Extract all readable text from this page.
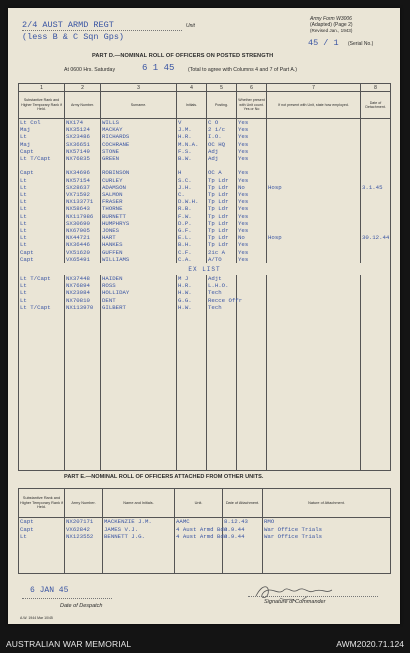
2/4 AUST ARMD REGT
(less B & C Sqn Gps)
Unit
Army Form W3006
(Adapted) (Page 2)
(Revised Jan., 1943)
45 / 1 (Serial No.)
PART D.—NOMINAL ROLL OF OFFICERS ON POSTED STRENGTH
At 0600 Hrs. Saturday	6 1 45	(Total to agree with Columns 4 and 7 of Part A.)
1	2	3	4	5	6	7	8
Substantive Rank and Higher Temporary Rank if Held.	Army Number.	Surname.	Initials.	Posting.	Whether present with Unit count. Yes or No	If not present with Unit, state how employed.	Date of Detachment.
Lt Col	NX174	WILLS	V	C O	Yes		
Maj	NX35124	MACKAY	J.M.	2 i/c	Yes		
Lt	SX23486	RICHARDS	H.R.	I.O.	Yes		
Maj	SX36651	COCHRANE	M.N.A.	OC HQ	Yes		
Capt	NX57149	STONE	F.S.	Adj	Yes		
Lt T/Capt	NX76835	GREEN	B.W.	Adj	Yes		

Capt	NX34696	ROBINSON	H	OC A	Yes		
Lt	NX57154	CURLEY	S.C.	Tp Ldr	Yes		
Lt	SX28637	ADAMSON	J.H.	Tp Ldr	No	Hosp	3.1.45
Lt	VX71592	SALMON	C.	Tp Ldr	Yes		
Lt	NX133771	FRASER	D.W.H.	Tp Ldr	Yes		
Lt	NX58643	THORNE	R.B.	Tp Ldr	Yes		
Lt	NX117986	BURNETT	F.W.	Tp Ldr	Yes		
Lt	SX30690	HUMPHRYS	D.P.	Tp Ldr	Yes		
Lt	NX67005	JONES	G.F.	Tp Ldr	Yes		
Lt	NX44721	HART	E.L.	Tp Ldr	No	Hosp	30.12.44
Lt	NX36446	HANKES	B.H.	Tp Ldr	Yes		
Capt	VX51620	GUFFEN	C.F.	2ic A	Yes		
Capt	VX65491	WILLIAMS	C.A.	A/TO	Yes		
EX LIST							
Lt T/Capt	NX37448	HAIDEN	M J	Adjt			
Lt	NX76894	ROSS	H.R.	L.H.O.			
Lt	NX23084	HOLLIDAY	H.W.	Tech			
Lt	NX70810	DENT	G.G.	Recce Offr			
Lt T/Capt	NX113970	GILBERT	H.W.	Tech			

PART E.—NOMINAL ROLL OF OFFICERS ATTACHED FROM OTHER UNITS.
Substantive Rank and Higher Temporary Rank if Held.	Army Number.	Name and Initials.	Unit.	Date of Attachment.	Nature of Attachment.
Capt	NX207171	MACKENZIE J.M.	AAMC	8.12.43	RMO
Capt	VX62842	JAMES V.J.	4 Aust Armd Bde	3.9.44	War Office Trials
Lt	NX123552	BENNETT J.G.	4 Aust Armd Bde	3.9.44	War Office Trials

6 JAN 45
Date of Despatch
Signature of Commander
A.W. 1944 Mar 10/45
AUSTRALIAN WAR MEMORIAL	AWM2020.71.124
